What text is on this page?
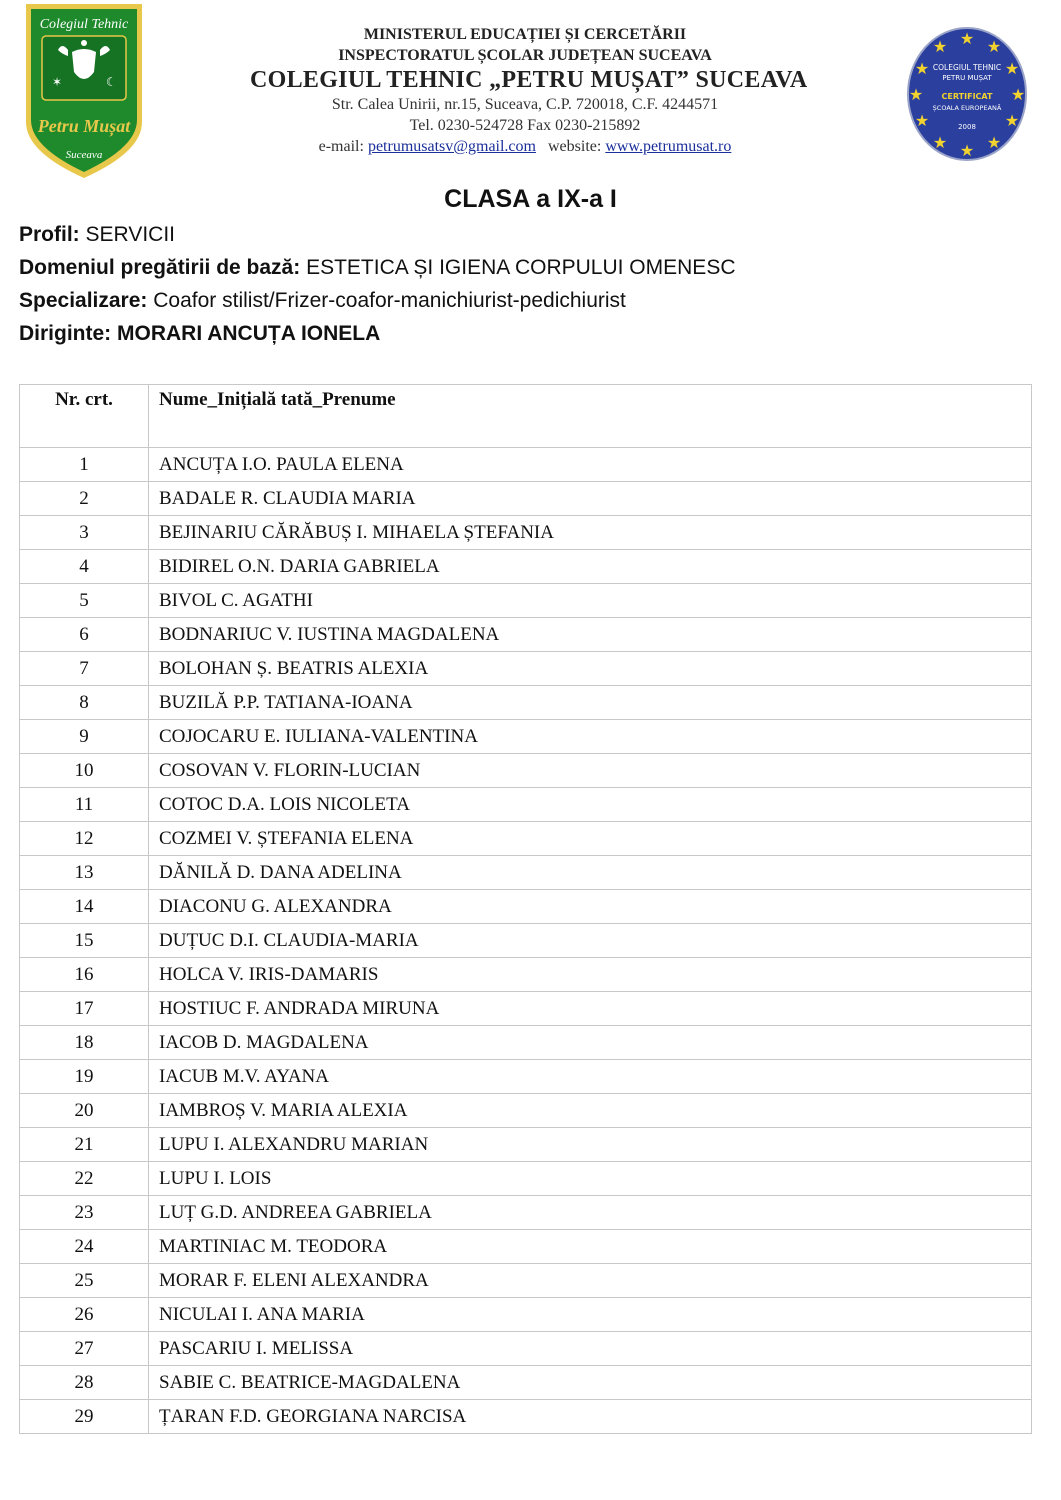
✶	☾
Colegiul Tehnic
Petru Mușat
Suceava
MINISTERUL EDUCAȚIEI ȘI CERCETĂRII
INSPECTORATUL ȘCOLAR JUDEȚEAN SUCEAVA
COLEGIUL TEHNIC „PETRU MUȘAT” SUCEAVA
Str. Calea Unirii, nr.15, Suceava, C.P. 720018, C.F. 4244571
Tel. 0230-524728 Fax 0230-215892
e-mail: petrumusatsv@gmail.com website: www.petrumusat.ro
★ ★
★
★
★
★
★
★
★
★
★
★
COLEGIUL TEHNIC
PETRU MUȘAT
CERTIFICAT
ȘCOALA EUROPEANĂ
2008
CLASA a IX-a I
Profil: SERVICII
Domeniul pregătirii de bază: ESTETICA ȘI IGIENA CORPULUI OMENESC
Specializare: Coafor stilist/Frizer-coafor-manichiurist-pedichiurist
Diriginte: MORARI ANCUȚA IONELA
Nr. crt.	Nume_Inițială tată_Prenume
1	ANCUȚA I.O. PAULA ELENA
2	BADALE R. CLAUDIA MARIA
3	BEJINARIU CĂRĂBUȘ I. MIHAELA ȘTEFANIA
4	BIDIREL O.N. DARIA GABRIELA
5	BIVOL C. AGATHI
6	BODNARIUC V. IUSTINA MAGDALENA
7	BOLOHAN Ș. BEATRIS ALEXIA
8	BUZILĂ P.P. TATIANA-IOANA
9	COJOCARU E. IULIANA-VALENTINA
10	COSOVAN V. FLORIN-LUCIAN
11	COTOC D.A. LOIS NICOLETA
12	COZMEI V. ȘTEFANIA ELENA
13	DĂNILĂ D. DANA ADELINA
14	DIACONU G. ALEXANDRA
15	DUȚUC D.I. CLAUDIA-MARIA
16	HOLCA V. IRIS-DAMARIS
17	HOSTIUC F. ANDRADA MIRUNA
18	IACOB D. MAGDALENA
19	IACUB M.V. AYANA
20	IAMBROȘ V. MARIA ALEXIA
21	LUPU I. ALEXANDRU MARIAN
22	LUPU I. LOIS
23	LUȚ G.D. ANDREEA GABRIELA
24	MARTINIAC M. TEODORA
25	MORAR F. ELENI ALEXANDRA
26	NICULAI I. ANA MARIA
27	PASCARIU I. MELISSA
28	SABIE C. BEATRICE-MAGDALENA
29	ȚARAN F.D. GEORGIANA NARCISA
